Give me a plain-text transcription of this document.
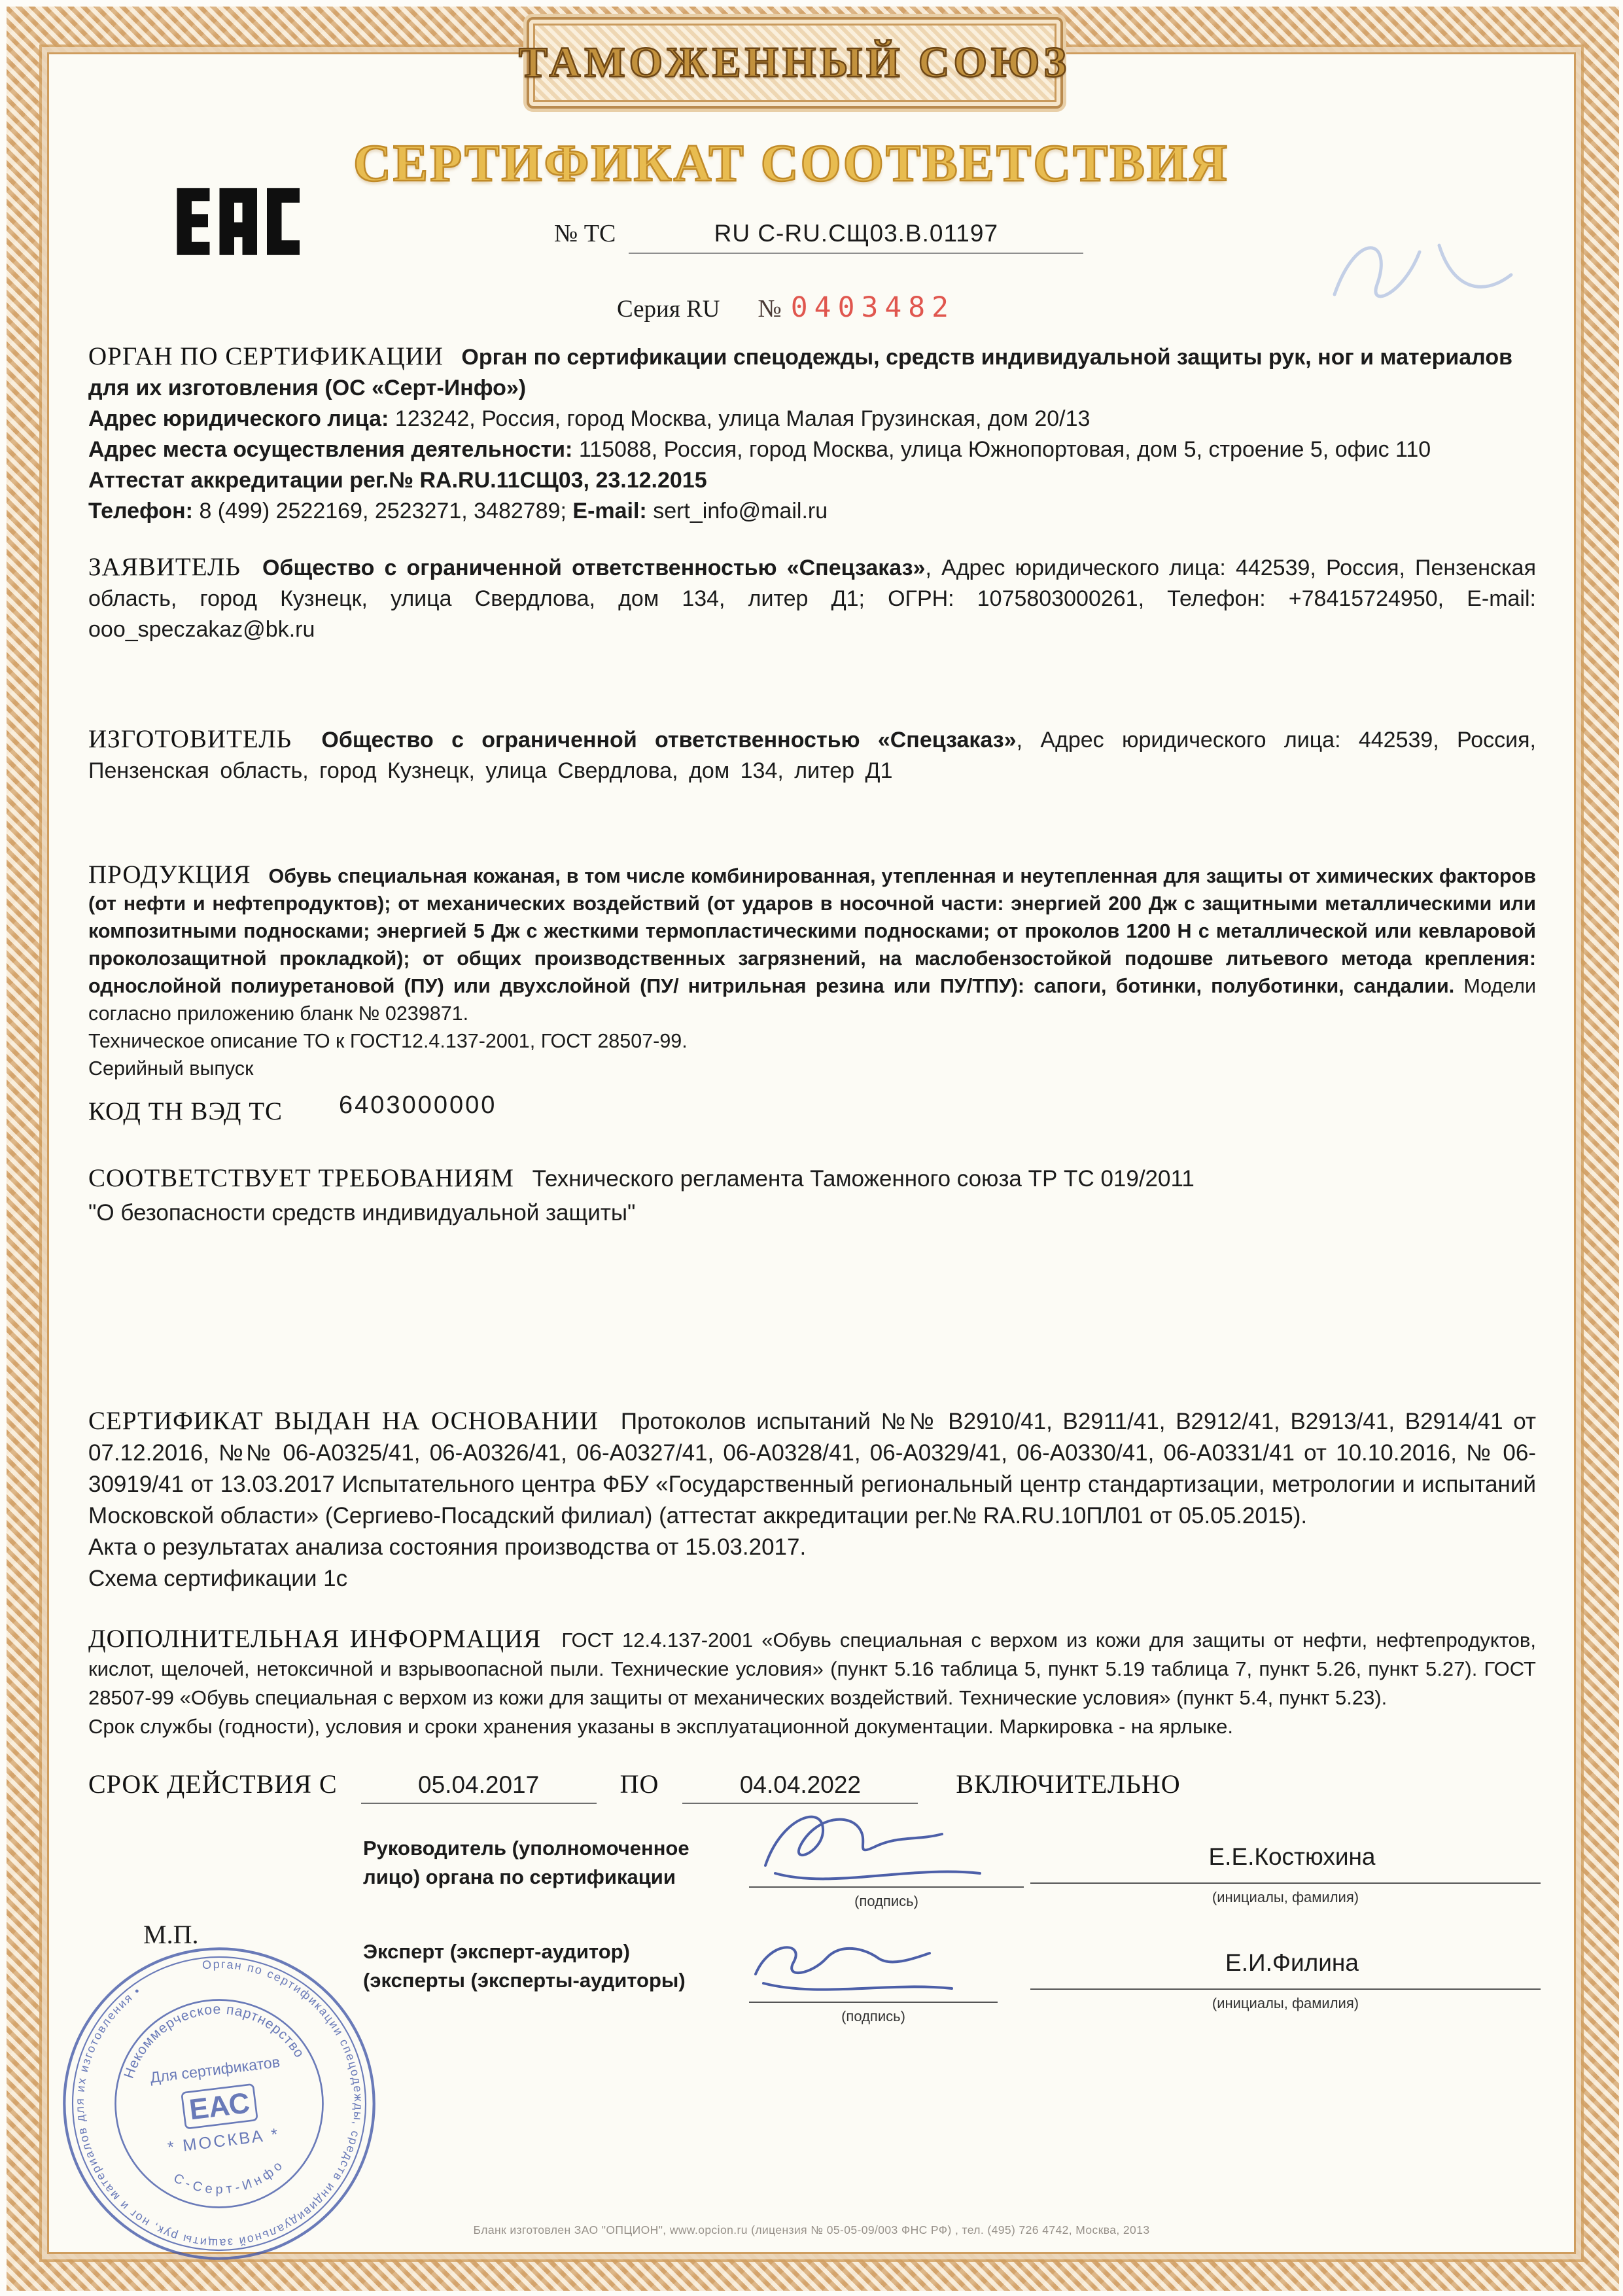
ТАМОЖЕННЫЙ СОЮЗ
СЕРТИФИКАТ СООТВЕТСТВИЯ
№ ТС	RU C-RU.СЩ03.В.01197
Серия RU № 0403482

ОРГАН ПО СЕРТИФИКАЦИИ Орган по сертификации спецодежды, средств индивидуальной защиты рук, ног и материалов для их изготовления (ОС «Серт-Инфо»)
Адрес юридического лица: 123242, Россия, город Москва, улица Малая Грузинская, дом 20/13
Адрес места осуществления деятельности: 115088, Россия, город Москва, улица Южнопортовая, дом 5, строение 5, офис 110
Аттестат аккредитации рег.№ RA.RU.11СЩ03, 23.12.2015
Телефон: 8 (499) 2522169, 2523271, 3482789; E-mail: sert_info@mail.ru

ЗАЯВИТЕЛЬ Общество с ограниченной ответственностью «Спецзаказ», Адрес юридического лица: 442539, Россия, Пензенская область, город Кузнецк, улица Свердлова, дом 134, литер Д1; ОГРН: 1075803000261, Телефон: +78415724950, E-mail: ooo_speczakaz@bk.ru

ИЗГОТОВИТЕЛЬ Общество с ограниченной ответственностью «Спецзаказ», Адрес юридического лица: 442539, Россия, Пензенская область, город Кузнецк, улица Свердлова, дом 134, литер Д1

ПРОДУКЦИЯ Обувь специальная кожаная, в том числе комбинированная, утепленная и неутепленная для защиты от химических факторов (от нефти и нефтепродуктов); от механических воздействий (от ударов в носочной части: энергией 200 Дж с защитными металлическими или композитными подносками; энергией 5 Дж с жесткими термопластическими подносками; от проколов 1200 Н с металлической или кевларовой проколозащитной прокладкой); от общих производственных загрязнений, на маслобензостойкой подошве литьевого метода крепления: однослойной полиуретановой (ПУ) или двухслойной (ПУ/ нитрильная резина или ПУ/ТПУ): сапоги, ботинки, полуботинки, сандалии. Модели согласно приложению бланк № 0239871.
Техническое описание ТО к ГОСТ12.4.137-2001, ГОСТ 28507-99.
Серийный выпуск

КОД ТН ВЭД ТС	6403000000

СООТВЕТСТВУЕТ ТРЕБОВАНИЯМ Технического регламента Таможенного союза ТР ТС 019/2011
"О безопасности средств индивидуальной защиты"

СЕРТИФИКАТ ВЫДАН НА ОСНОВАНИИ Протоколов испытаний №№ В2910/41, В2911/41, В2912/41, В2913/41, В2914/41 от 07.12.2016, №№ 06-А0325/41, 06-А0326/41, 06-А0327/41, 06-А0328/41, 06-А0329/41, 06-А0330/41, 06-А0331/41 от 10.10.2016, № 06-30919/41 от 13.03.2017 Испытательного центра ФБУ «Государственный региональный центр стандартизации, метрологии и испытаний Московской области» (Сергиево-Посадский филиал) (аттестат аккредитации рег.№ RA.RU.10ПЛ01 от 05.05.2015).
Акта о результатах анализа состояния производства от 15.03.2017.
Схема сертификации 1с

ДОПОЛНИТЕЛЬНАЯ ИНФОРМАЦИЯ ГОСТ 12.4.137-2001 «Обувь специальная с верхом из кожи для защиты от нефти, нефтепродуктов, кислот, щелочей, нетоксичной и взрывоопасной пыли. Технические условия» (пункт 5.16 таблица 5, пункт 5.19 таблица 7, пункт 5.26, пункт 5.27). ГОСТ 28507-99 «Обувь специальная с верхом из кожи для защиты от механических воздействий. Технические условия» (пункт 5.4, пункт 5.23).
Срок службы (годности), условия и сроки хранения указаны в эксплуатационной документации. Маркировка - на ярлыке.

СРОК ДЕЙСТВИЯ С	05.04.2017	ПО	04.04.2022	ВКЛЮЧИТЕЛЬНО
М.П.
Руководитель (уполномоченное
лицо) органа по сертификации
(подпись)
Е.Е.Костюхина
(инициалы, фамилия)
Эксперт (эксперт-аудитор)
(эксперты (эксперты-аудиторы)
(подпись)
Е.И.Филина
(инициалы, фамилия)
Орган по сертификации спецодежды, средств индивидуальной защиты рук, ног и материалов для их изготовления •
Некоммерческое партнерство
С - С е р т - И н ф о
Для сертификатов
ЕАС
* МОСКВА *
Бланк изготовлен ЗАО "ОПЦИОН", www.opcion.ru (лицензия № 05-05-09/003 ФНС РФ) , тел. (495) 726 4742, Москва, 2013
